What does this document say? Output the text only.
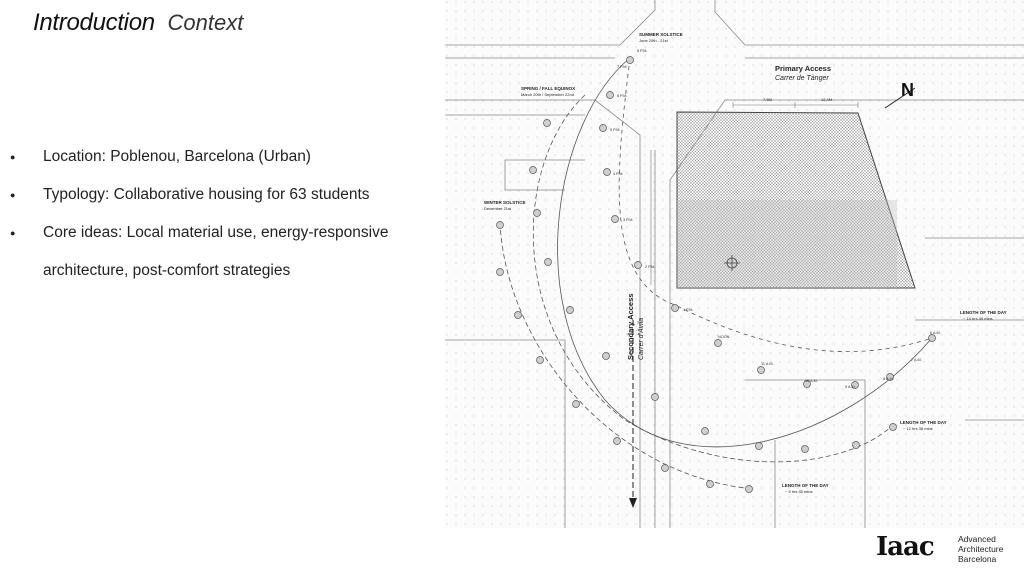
Introduction Context
● Location: Poblenou, Barcelona (Urban)
● Typology: Collaborative housing for 63 students
● Core ideas: Local material use, energy-responsive architecture, post-comfort strategies
N
Primary Access
Carrer de Tànger
Secondary Access Carrer d'Àvila
SUMMER SOLSTICE
June 20th - 21st
SPRING / FALL EQUINOX
March 20th / September 22nd
WINTER SOLSTICE
December 21st
LENGTH OF THE DAY
~ 14 hrs 45 mins
LENGTH OF THE DAY
~ 12 hrs 36 mins
LENGTH OF THE DAY
~ 9 hrs 45 mins
7,5M	12,4M
8 P.M.
7 P.M.
6 P.M.
5 P.M.
4 P.M.
3 P.M.
2 P.M.
1 P.M.
NOON
11 A.M.
10 A.M.
9 A.M.
8 A.M.
7 A.M.
6 A.M.
Iaac	Advanced
Architecture
Barcelona
